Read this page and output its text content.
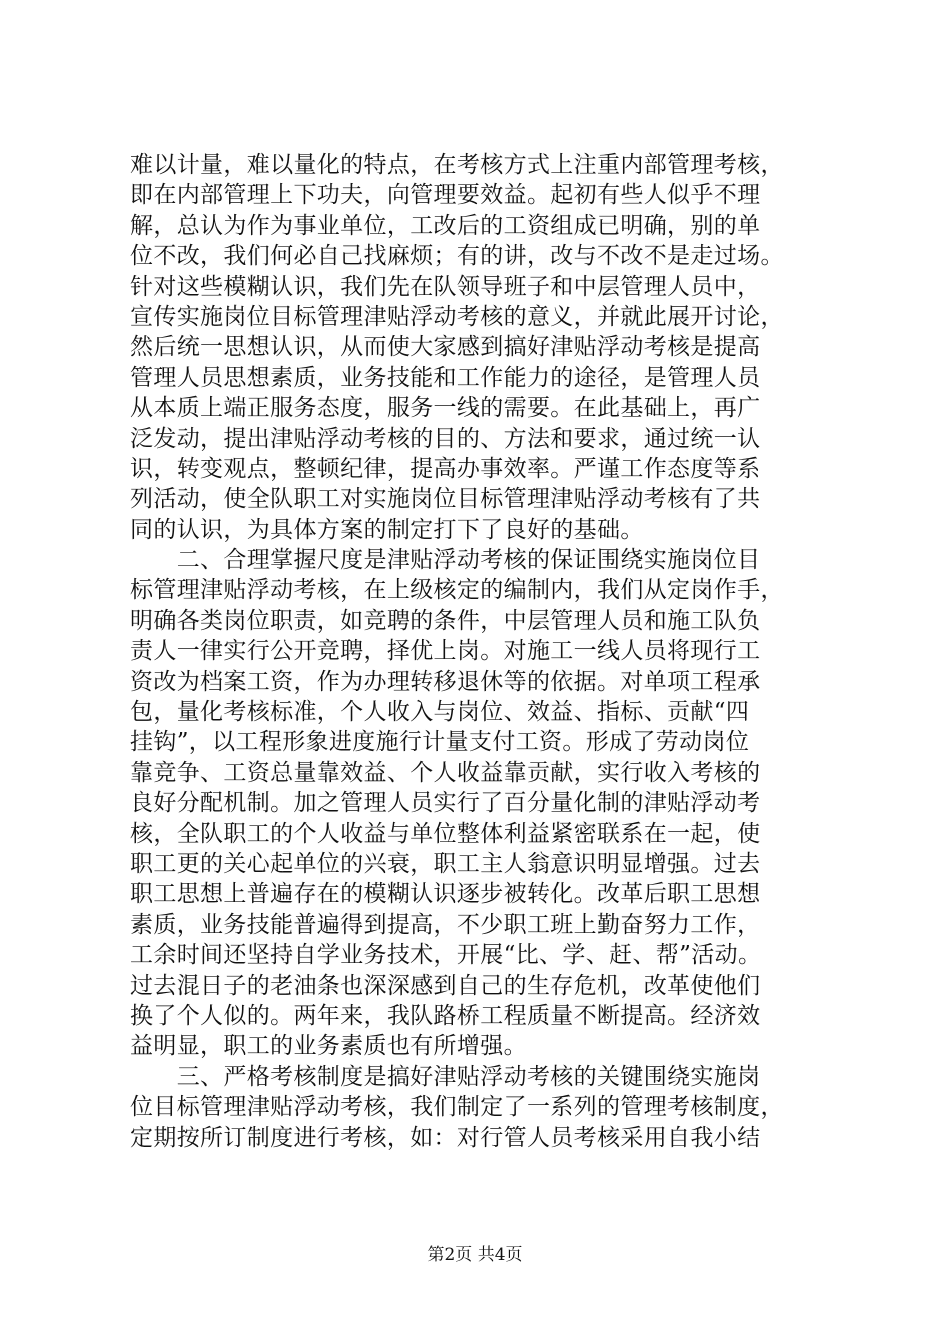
难以计量，难以量化的特点，在考核方式上注重内部管理考核，
即在内部管理上下功夫，向管理要效益。起初有些人似乎不理
解，总认为作为事业单位，工改后的工资组成已明确，别的单
位不改，我们何必自己找麻烦；有的讲，改与不改不是走过场。
针对这些模糊认识，我们先在队领导班子和中层管理人员中，
宣传实施岗位目标管理津贴浮动考核的意义，并就此展开讨论，
然后统一思想认识，从而使大家感到搞好津贴浮动考核是提高
管理人员思想素质，业务技能和工作能力的途径，是管理人员
从本质上端正服务态度，服务一线的需要。在此基础上，再广
泛发动，提出津贴浮动考核的目的、方法和要求，通过统一认
识，转变观点，整顿纪律，提高办事效率。严谨工作态度等系
列活动，使全队职工对实施岗位目标管理津贴浮动考核有了共
同的认识，为具体方案的制定打下了良好的基础。
　　二、合理掌握尺度是津贴浮动考核的保证围绕实施岗位目
标管理津贴浮动考核，在上级核定的编制内，我们从定岗作手，
明确各类岗位职责，如竞聘的条件，中层管理人员和施工队负
责人一律实行公开竞聘，择优上岗。对施工一线人员将现行工
资改为档案工资，作为办理转移退休等的依据。对单项工程承
包，量化考核标准，个人收入与岗位、效益、指标、贡献“四
挂钩”，以工程形象进度施行计量支付工资。形成了劳动岗位
靠竞争、工资总量靠效益、个人收益靠贡献，实行收入考核的
良好分配机制。加之管理人员实行了百分量化制的津贴浮动考
核，全队职工的个人收益与单位整体利益紧密联系在一起，使
职工更的关心起单位的兴衰，职工主人翁意识明显增强。过去
职工思想上普遍存在的模糊认识逐步被转化。改革后职工思想
素质，业务技能普遍得到提高，不少职工班上勤奋努力工作，
工余时间还坚持自学业务技术，开展“比、学、赶、帮”活动。
过去混日子的老油条也深深感到自己的生存危机，改革使他们
换了个人似的。两年来，我队路桥工程质量不断提高。经济效
益明显，职工的业务素质也有所增强。
　　三、严格考核制度是搞好津贴浮动考核的关键围绕实施岗
位目标管理津贴浮动考核，我们制定了一系列的管理考核制度，
定期按所订制度进行考核，如：对行管人员考核采用自我小结
第2页 共4页
